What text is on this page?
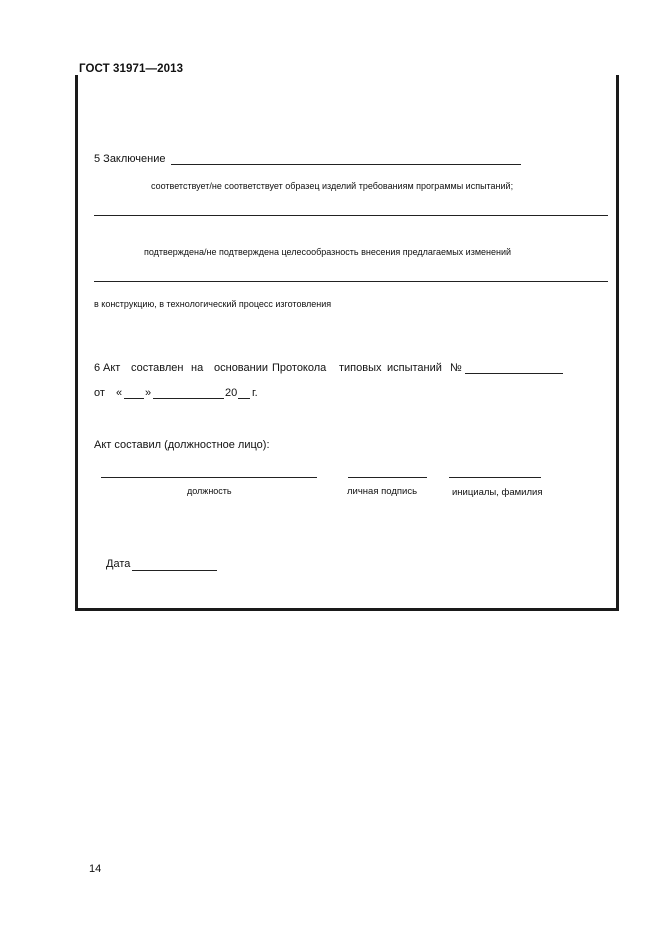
ГОСТ 31971—2013
5 Заключение
соответствует/не соответствует образец изделий требованиям программы испытаний;
подтверждена/не подтверждена целесообразность внесения предлагаемых изменений
в конструкцию, в технологический процесс изготовления
6 Акт составлен на основании Протокола типовых испытаний №
от « »	20 г.
Акт составил (должностное лицо):
должность	личная подпись	инициалы, фамилия
Дата
14
